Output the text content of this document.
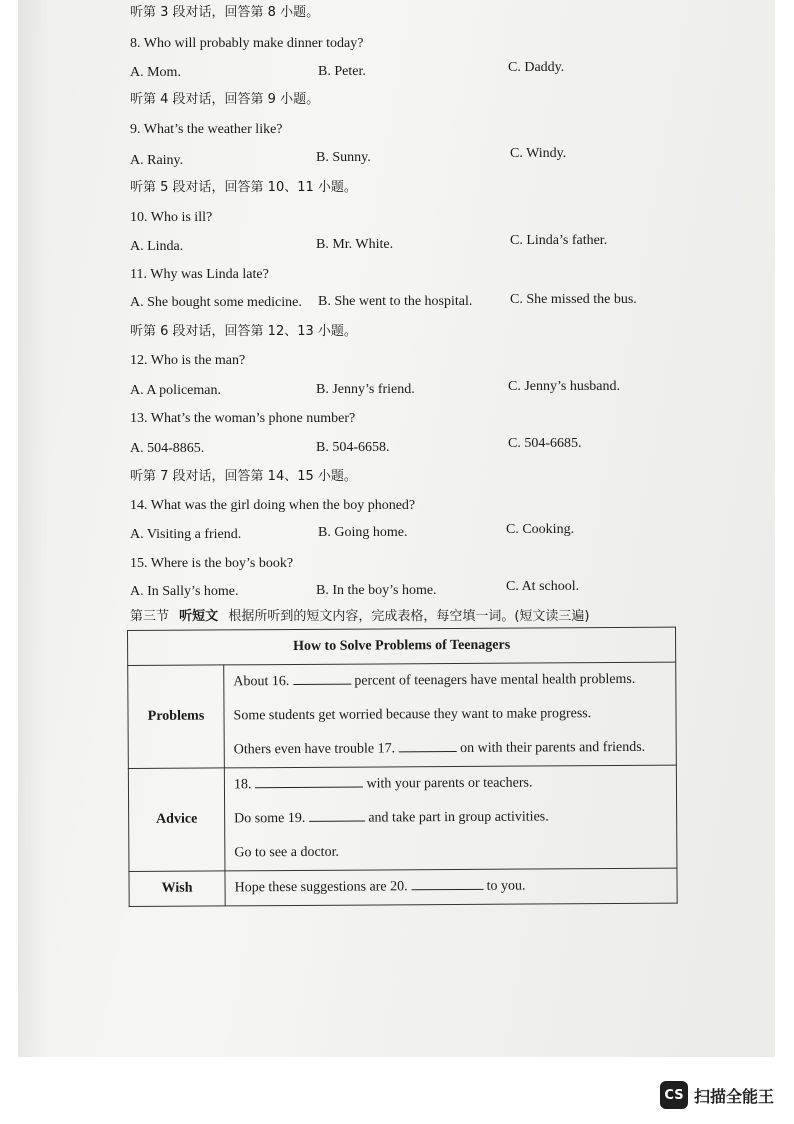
听第 3 段对话，回答第 8 小题。
8. Who will probably make dinner today?
A. Mom.	B. Peter.	C. Daddy.
听第 4 段对话，回答第 9 小题。
9. What’s the weather like?
A. Rainy.	B. Sunny.	C. Windy.
听第 5 段对话，回答第 10、11 小题。
10. Who is ill?
A. Linda.	B. Mr. White.	C. Linda’s father.
11. Why was Linda late?
A. She bought some medicine. B. She went to the hospital.	C. She missed the bus.
听第 6 段对话，回答第 12、13 小题。
12. Who is the man?
A. A policeman.	B. Jenny’s friend.	C. Jenny’s husband.
13. What’s the woman’s phone number?
A. 504-8865.	B. 504-6658.	C. 504-6685.
听第 7 段对话，回答第 14、15 小题。
14. What was the girl doing when the boy phoned?
A. Visiting a friend.	B. Going home.	C. Cooking.
15. Where is the boy’s book?
A. In Sally’s home.	B. In the boy’s home.	C. At school.
第三节 听短文 根据所听到的短文内容，完成表格，每空填一词。(短文读三遍)
How to Solve Problems of Teenagers	
Problems	About 16. percent of teenagers have mental health problems.
Some students get worried because they want to make progress.
Others even have trouble 17. on with their parents and friends.

Advice	18. with your parents or teachers.
Do some 19. and take part in group activities.
Go to see a doctor.

Wish	Hope these suggestions are 20. to you.
CS 扫描全能王
